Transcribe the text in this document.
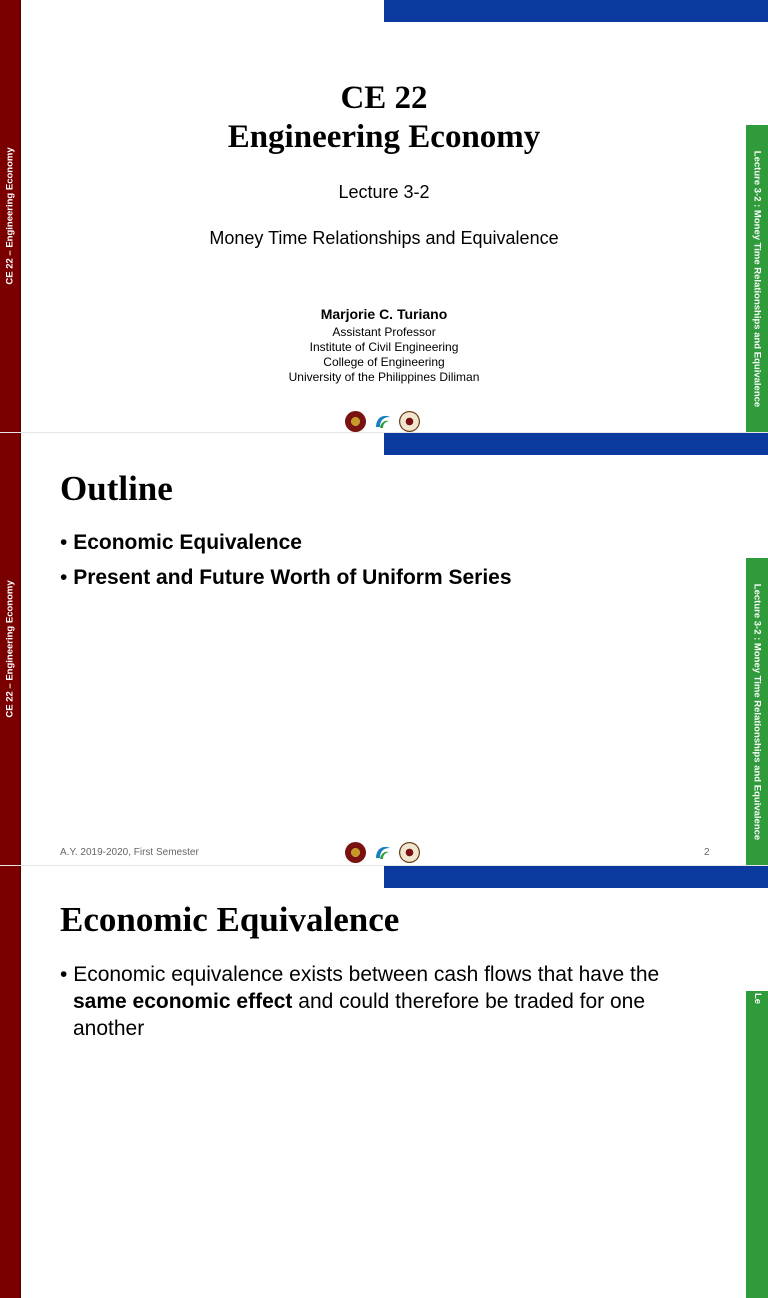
CE 22 – Engineering Economy	Lecture 3-2 : Money Time Relationships and Equivalence
CE 22
Engineering Economy
Lecture 3-2
Money Time Relationships and Equivalence
Marjorie C. Turiano
Assistant Professor
Institute of Civil Engineering
College of Engineering
University of the Philippines Diliman
CE 22 – Engineering Economy	Lecture 3-2 : Money Time Relationships and Equivalence
Outline
• Economic Equivalence
• Present and Future Worth of Uniform Series
A.Y. 2019-2020, First Semester	2
Le
Economic Equivalence
• Economic equivalence exists between cash flows that have the
same economic effect and could therefore be traded for one
another
